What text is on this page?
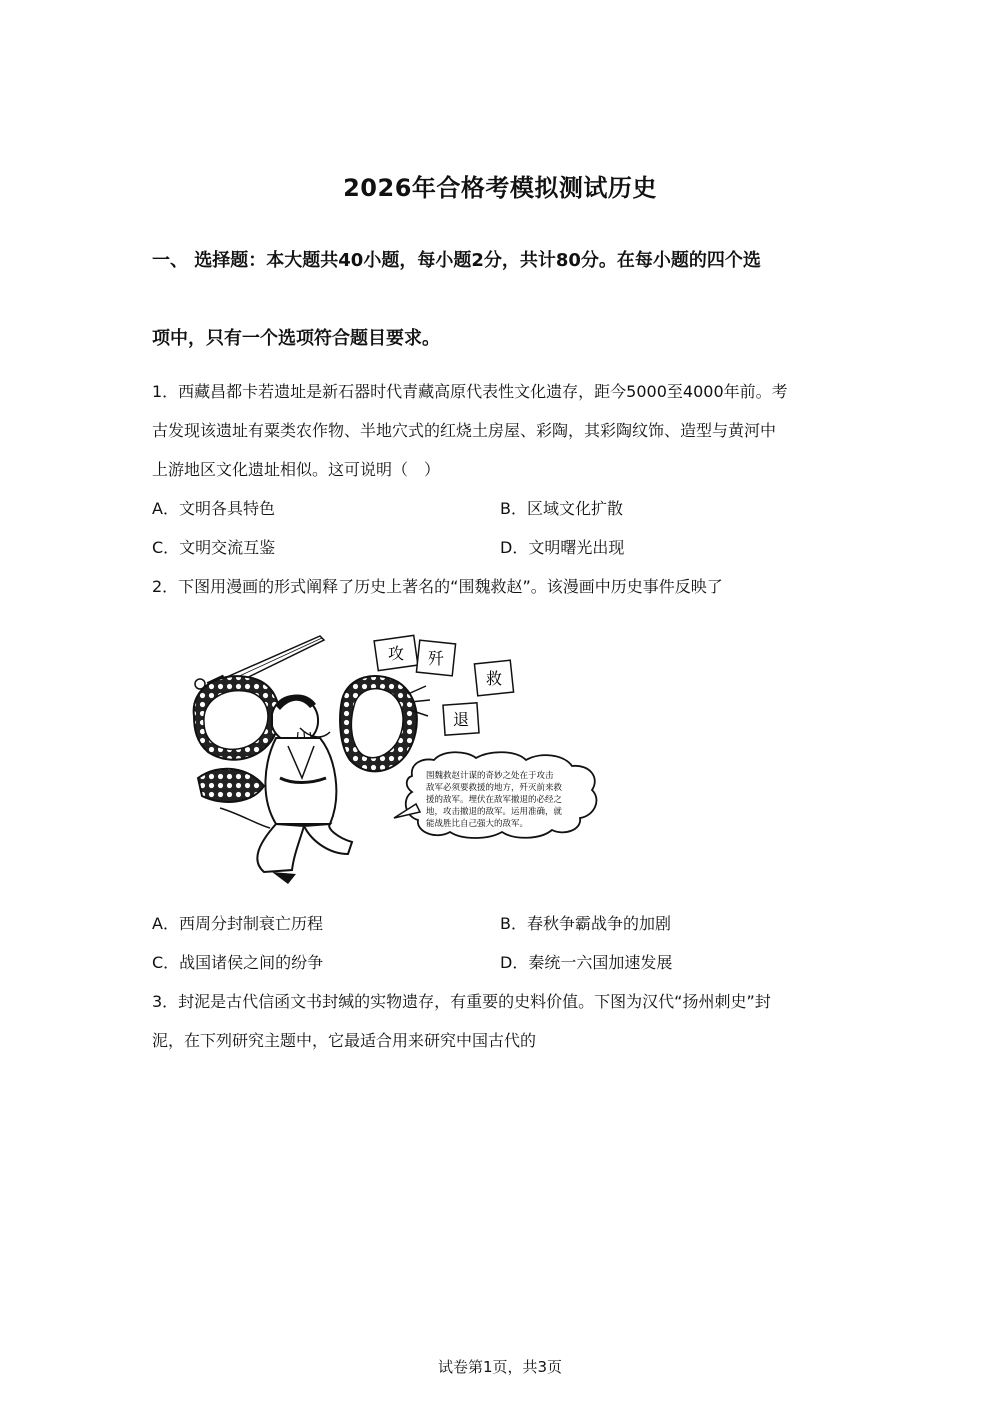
2026年合格考模拟测试历史
一、 选择题：本大题共40小题，每小题2分，共计80分。在每小题的四个选
项中，只有一个选项符合题目要求。
1．西藏昌都卡若遗址是新石器时代青藏高原代表性文化遗存，距今5000至4000年前。考
古发现该遗址有粟类农作物、半地穴式的红烧土房屋、彩陶，其彩陶纹饰、造型与黄河中
上游地区文化遗址相似。这可说明（　）
A．文明各具特色	B．区域文化扩散
C．文明交流互鉴	D．文明曙光出现
2．下图用漫画的形式阐释了历史上著名的“围魏救赵”。该漫画中历史事件反映了
攻 歼
救
退
围魏救赵计谋的奇妙之处在于攻击
敌军必须要救援的地方，歼灭前来救
援的敌军。埋伏在敌军撤退的必经之
地，攻击撤退的敌军。运用准确，就
能战胜比自己强大的敌军。
A．西周分封制衰亡历程	B．春秋争霸战争的加剧
C．战国诸侯之间的纷争	D．秦统一六国加速发展
3．封泥是古代信函文书封缄的实物遗存，有重要的史料价值。下图为汉代“扬州刺史”封
泥，在下列研究主题中，它最适合用来研究中国古代的
试卷第1页，共3页
